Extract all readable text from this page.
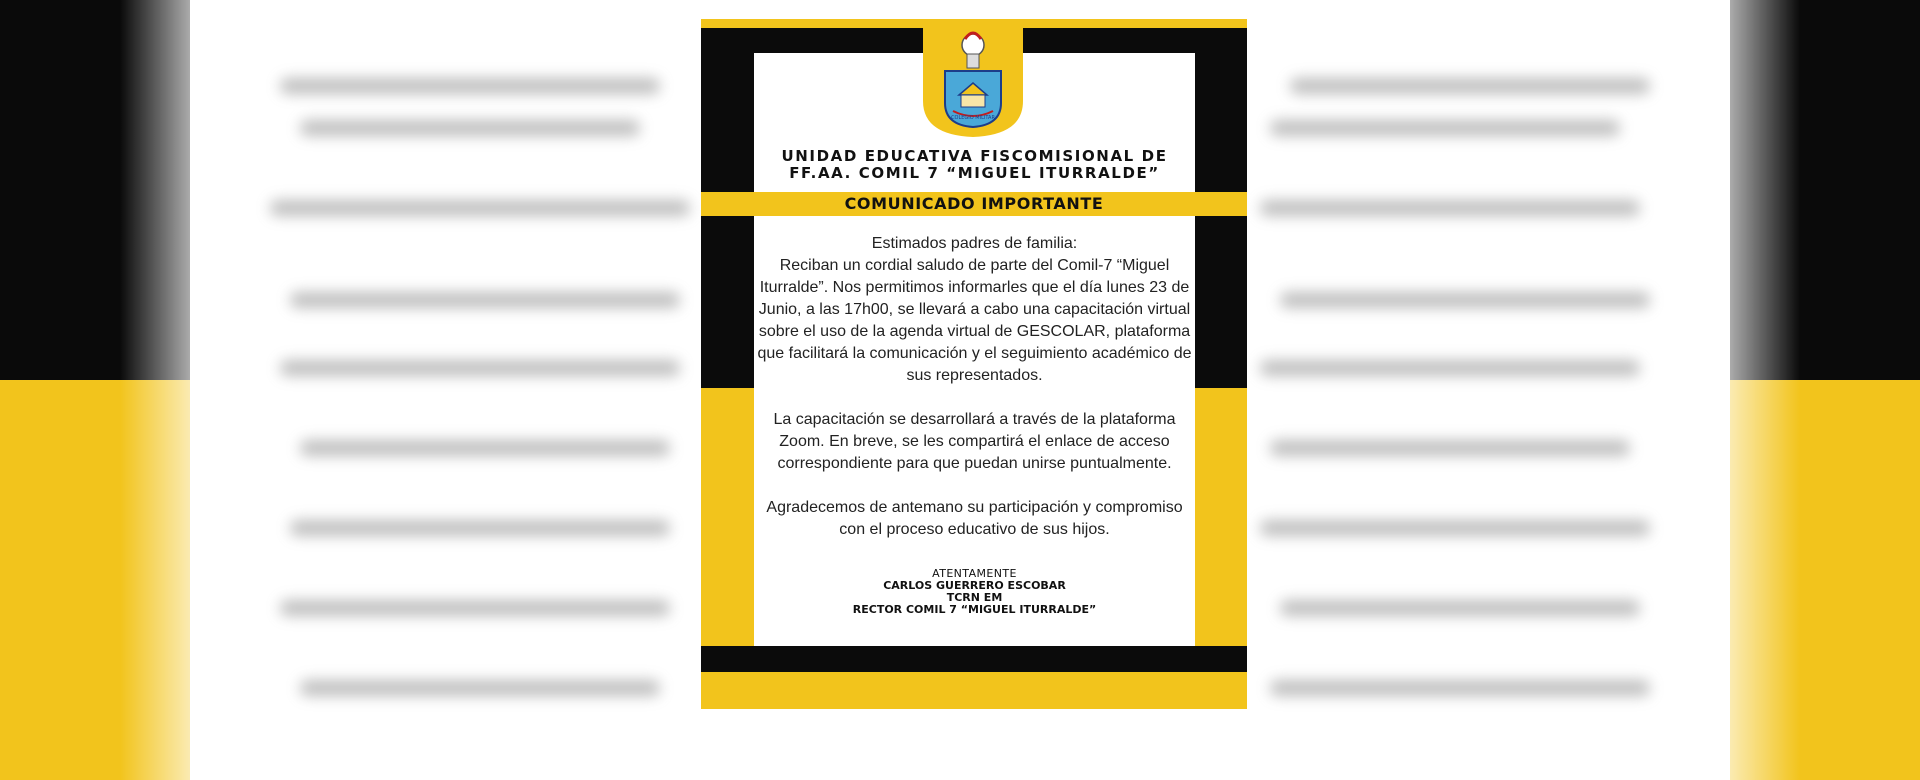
COLEGIO MILITAR
UNIDAD EDUCATIVA FISCOMISIONAL DE
FF.AA. COMIL 7 “MIGUEL ITURRALDE”
COMUNICADO IMPORTANTE

Estimados padres de familia:
Reciban un cordial saludo de parte del Comil-7 “Miguel Iturralde”. Nos permitimos informarles que el día lunes 23 de Junio, a las 17h00, se llevará a cabo una capacitación virtual sobre el uso de la agenda virtual de GESCOLAR, plataforma que facilitará la comunicación y el seguimiento académico de sus representados.

La capacitación se desarrollará a través de la plataforma Zoom. En breve, se les compartirá el enlace de acceso correspondiente para que puedan unirse puntualmente.

Agradecemos de antemano su participación y compromiso con el proceso educativo de sus hijos.

ATENTAMENTE
CARLOS GUERRERO ESCOBAR
TCRN EM
RECTOR COMIL 7 “MIGUEL ITURRALDE”
